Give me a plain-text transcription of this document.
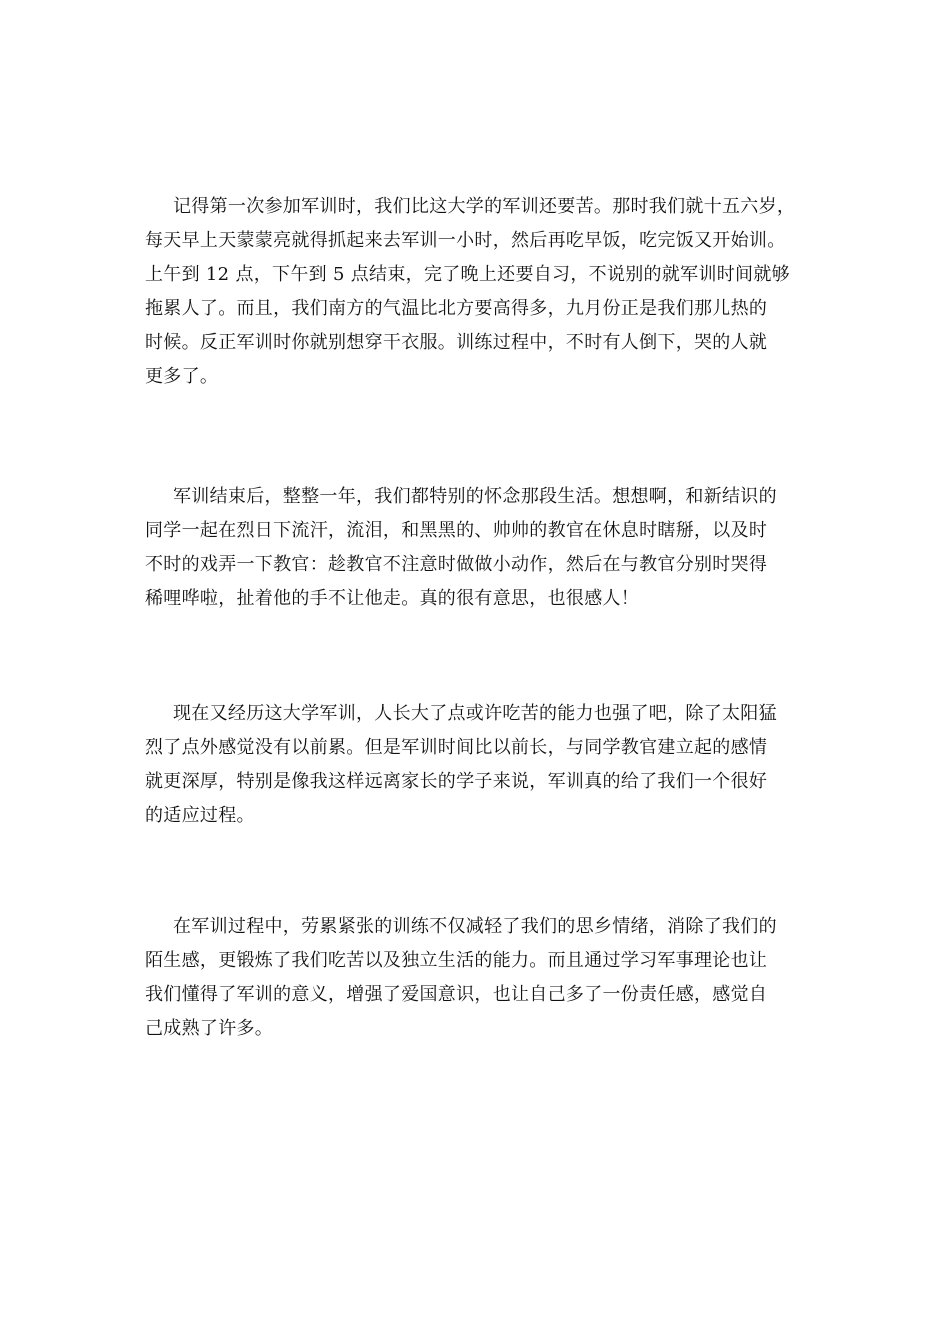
记得第一次参加军训时，我们比这大学的军训还要苦。那时我们就十五六岁，
每天早上天蒙蒙亮就得抓起来去军训一小时，然后再吃早饭，吃完饭又开始训。
上午到 12 点，下午到 5 点结束，完了晚上还要自习，不说别的就军训时间就够
拖累人了。而且，我们南方的气温比北方要高得多，九月份正是我们那儿热的
时候。反正军训时你就别想穿干衣服。训练过程中，不时有人倒下，哭的人就
更多了。
军训结束后，整整一年，我们都特别的怀念那段生活。想想啊，和新结识的
同学一起在烈日下流汗，流泪，和黑黑的、帅帅的教官在休息时瞎掰，以及时
不时的戏弄一下教官：趁教官不注意时做做小动作，然后在与教官分别时哭得
稀哩哗啦，扯着他的手不让他走。真的很有意思，也很感人！
现在又经历这大学军训，人长大了点或许吃苦的能力也强了吧，除了太阳猛
烈了点外感觉没有以前累。但是军训时间比以前长，与同学教官建立起的感情
就更深厚，特别是像我这样远离家长的学子来说，军训真的给了我们一个很好
的适应过程。
在军训过程中，劳累紧张的训练不仅减轻了我们的思乡情绪，消除了我们的
陌生感，更锻炼了我们吃苦以及独立生活的能力。而且通过学习军事理论也让
我们懂得了军训的意义，增强了爱国意识，也让自己多了一份责任感，感觉自
己成熟了许多。
